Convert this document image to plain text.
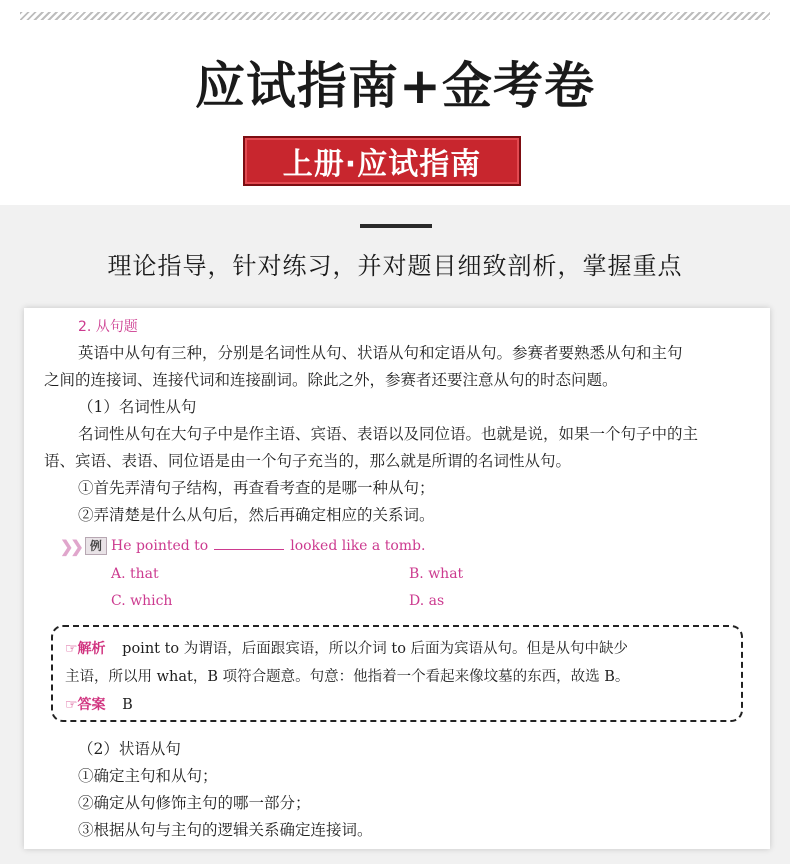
应试指南+金考卷
上册·应试指南
理论指导，针对练习，并对题目细致剖析，掌握重点
2. 从句题
英语中从句有三种，分别是名词性从句、状语从句和定语从句。参赛者要熟悉从句和主句
之间的连接词、连接代词和连接副词。除此之外，参赛者还要注意从句的时态问题。
（1）名词性从句
名词性从句在大句子中是作主语、宾语、表语以及同位语。也就是说，如果一个句子中的主
语、宾语、表语、同位语是由一个句子充当的，那么就是所谓的名词性从句。
①首先弄清句子结构，再查看考查的是哪一种从句；
②弄清楚是什么从句后，然后再确定相应的关系词。
❯❯ 例 He pointed to	looked like a tomb.
A. that	B. what
C. which	D. as
☞解析 point to 为谓语，后面跟宾语，所以介词 to 后面为宾语从句。但是从句中缺少
主语，所以用 what，B 项符合题意。句意：他指着一个看起来像坟墓的东西，故选 B。
☞答案 B
（2）状语从句
①确定主句和从句；
②确定从句修饰主句的哪一部分；
③根据从句与主句的逻辑关系确定连接词。
